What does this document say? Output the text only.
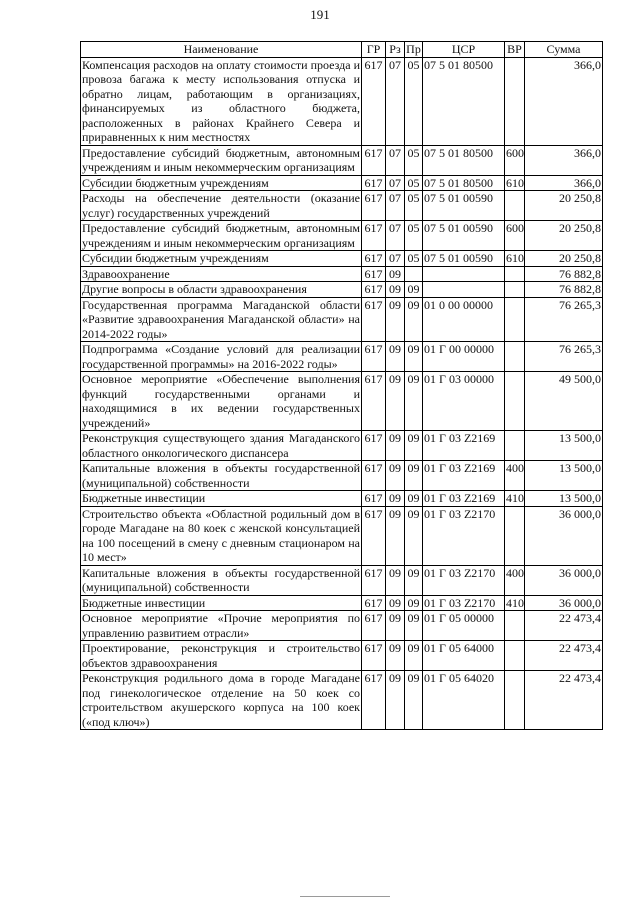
191
Наименование	ГР	Рз	Пр	ЦСР	ВР	Сумма
Компенсация расходов на оплату стоимости проезда и провоза багажа к месту использования отпуска и обратно лицам, работающим в организациях, финансируемых из областного бюджета, расположенных в районах Крайнего Севера и приравненных к ним местностях	617	07	05	07 5 01 80500		366,0
Предоставление субсидий бюджетным, автономным учреждениям и иным некоммерческим организациям	617	07	05	07 5 01 80500	600	366,0
Субсидии бюджетным учреждениям	617	07	05	07 5 01 80500	610	366,0
Расходы на обеспечение деятельности (оказание услуг) государственных учреждений	617	07	05	07 5 01 00590		20 250,8
Предоставление субсидий бюджетным, автономным учреждениям и иным некоммерческим организациям	617	07	05	07 5 01 00590	600	20 250,8
Субсидии бюджетным учреждениям	617	07	05	07 5 01 00590	610	20 250,8
Здравоохранение	617	09				76 882,8
Другие вопросы в области здравоохранения	617	09	09			76 882,8
Государственная программа Магаданской области «Развитие здравоохранения Магаданской области» на 2014-2022 годы»	617	09	09	01 0 00 00000		76 265,3
Подпрограмма «Создание условий для реализации государственной программы» на 2016-2022 годы»	617	09	09	01 Г 00 00000		76 265,3
Основное мероприятие «Обеспечение выполнения функций государственными органами и находящимися в их ведении государственных учреждений»	617	09	09	01 Г 03 00000		49 500,0
Реконструкция существующего здания Магаданского областного онкологического диспансера	617	09	09	01 Г 03 Z2169		13 500,0
Капитальные вложения в объекты государственной (муниципальной) собственности	617	09	09	01 Г 03 Z2169	400	13 500,0
Бюджетные инвестиции	617	09	09	01 Г 03 Z2169	410	13 500,0
Строительство объекта «Областной родильный дом в городе Магадане на 80 коек с женской консультацией на 100 посещений в смену с дневным стационаром на 10 мест»	617	09	09	01 Г 03 Z2170		36 000,0
Капитальные вложения в объекты государственной (муниципальной) собственности	617	09	09	01 Г 03 Z2170	400	36 000,0
Бюджетные инвестиции	617	09	09	01 Г 03 Z2170	410	36 000,0
Основное мероприятие «Прочие мероприятия по управлению развитием отрасли»	617	09	09	01 Г 05 00000		22 473,4
Проектирование, реконструкция и строительство объектов здравоохранения	617	09	09	01 Г 05 64000		22 473,4
Реконструкция родильного дома в городе Магадане под гинекологическое отделение на 50 коек со строительством акушерского корпуса на 100 коек («под ключ»)	617	09	09	01 Г 05 64020		22 473,4
